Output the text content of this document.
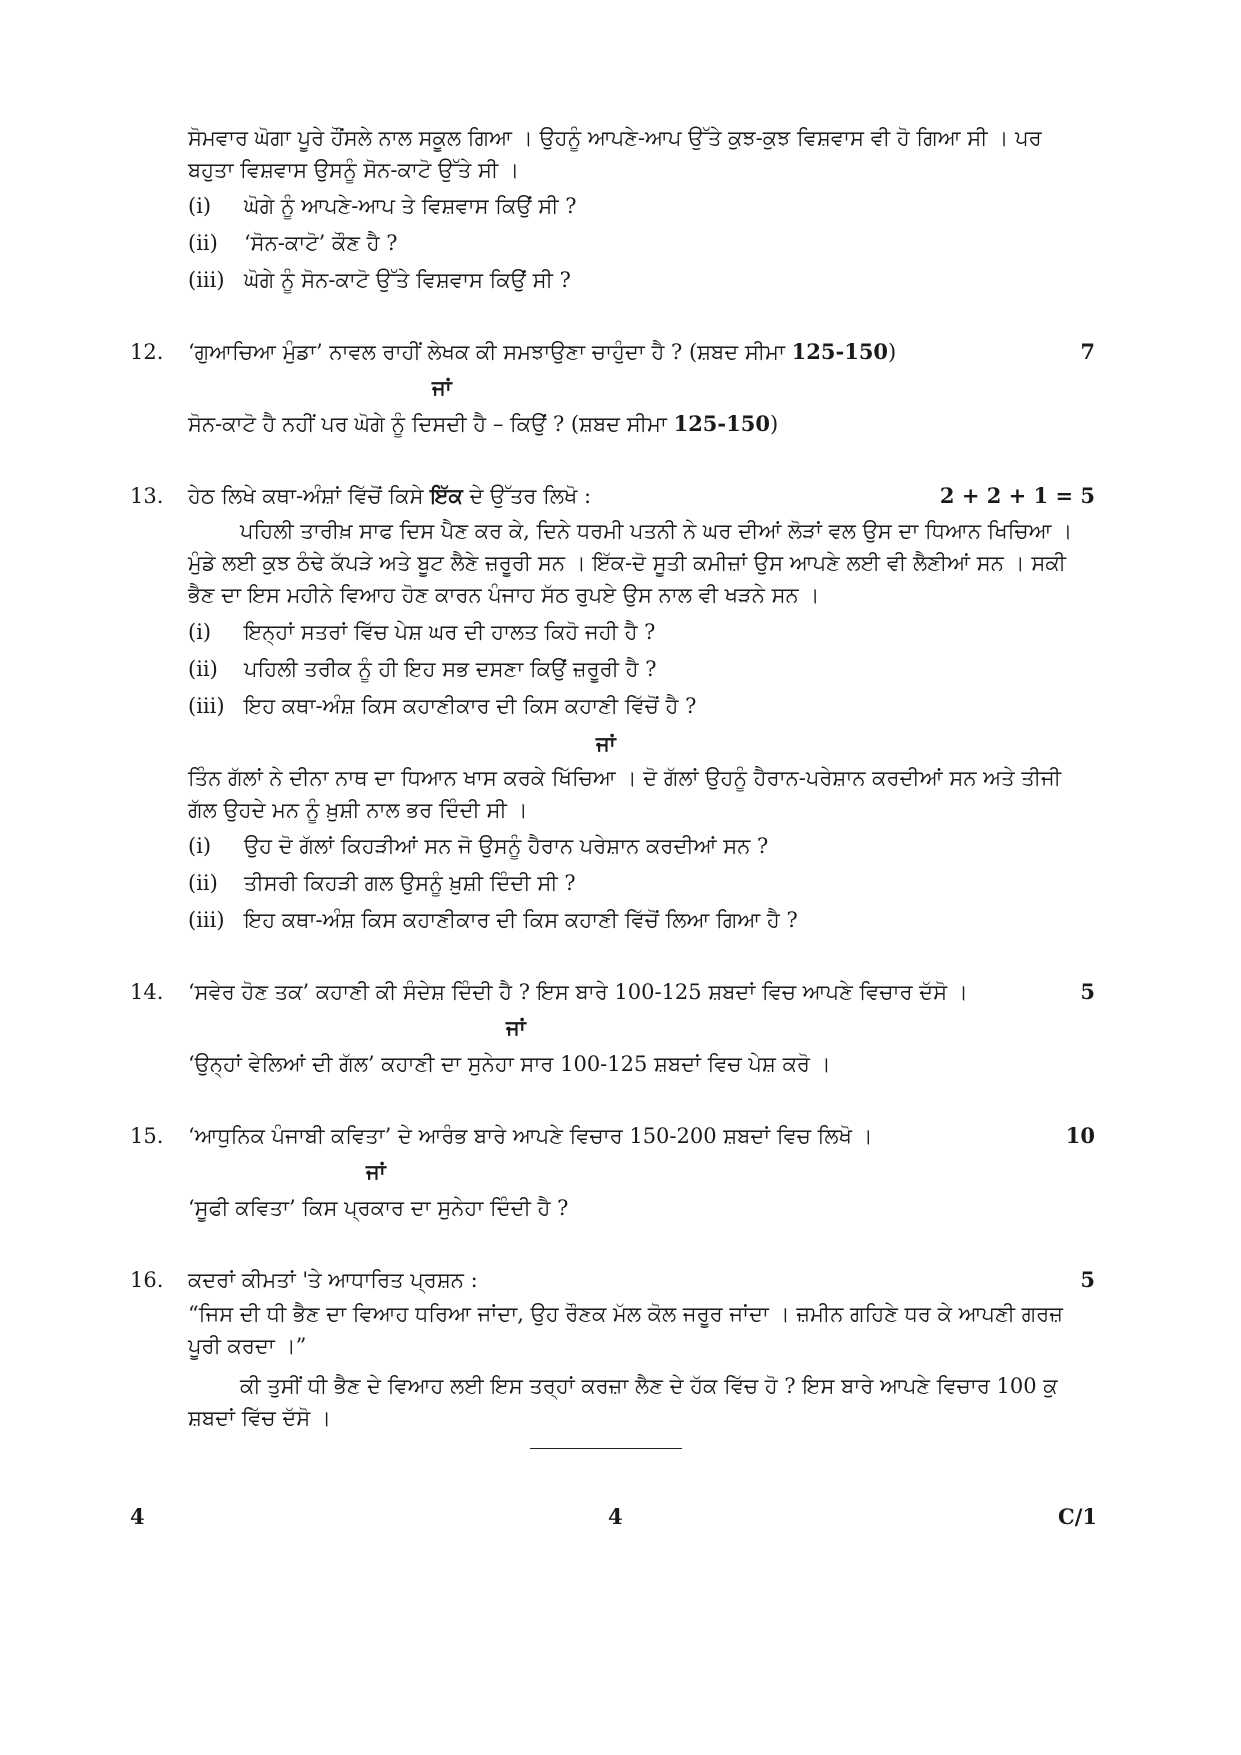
ਸੋਮਵਾਰ ਘੋਗਾ ਪੂਰੇ ਹੌਂਸਲੇ ਨਾਲ ਸਕੂਲ ਗਿਆ । ਉਹਨੂੰ ਆਪਣੇ-ਆਪ ਉੱਤੇ ਕੁਝ-ਕੁਝ ਵਿਸ਼ਵਾਸ ਵੀ ਹੋ ਗਿਆ ਸੀ । ਪਰ ਬਹੁਤਾ ਵਿਸ਼ਵਾਸ ਉਸਨੂੰ ਸੋਨ-ਕਾਟੋ ਉੱਤੇ ਸੀ ।

(i)	ਘੋਗੇ ਨੂੰ ਆਪਣੇ-ਆਪ ਤੇ ਵਿਸ਼ਵਾਸ ਕਿਉਂ ਸੀ ?
(ii)	‘ਸੋਨ-ਕਾਟੋ’ ਕੌਣ ਹੈ ?
(iii) ਘੋਗੇ ਨੂੰ ਸੋਨ-ਕਾਟੋ ਉੱਤੇ ਵਿਸ਼ਵਾਸ ਕਿਉਂ ਸੀ ?
12. ‘ਗੁਆਚਿਆ ਮੁੰਡਾ’ ਨਾਵਲ ਰਾਹੀਂ ਲੇਖਕ ਕੀ ਸਮਝਾਉਣਾ ਚਾਹੁੰਦਾ ਹੈ ? (ਸ਼ਬਦ ਸੀਮਾ 125-150)	7
ਜਾਂ
ਸੋਨ-ਕਾਟੋ ਹੈ ਨਹੀਂ ਪਰ ਘੋਗੇ ਨੂੰ ਦਿਸਦੀ ਹੈ – ਕਿਉਂ ? (ਸ਼ਬਦ ਸੀਮਾ 125-150)
13. ਹੇਠ ਲਿਖੇ ਕਥਾ-ਅੰਸ਼ਾਂ ਵਿੱਚੋਂ ਕਿਸੇ ਇੱਕ ਦੇ ਉੱਤਰ ਲਿਖੋ :	2 + 2 + 1 = 5

ਪਹਿਲੀ ਤਾਰੀਖ਼ ਸਾਫ ਦਿਸ ਪੈਣ ਕਰ ਕੇ, ਦਿਨੇ ਧਰਮੀ ਪਤਨੀ ਨੇ ਘਰ ਦੀਆਂ ਲੋੜਾਂ ਵਲ ਉਸ ਦਾ ਧਿਆਨ ਖਿਚਿਆ । ਮੁੰਡੇ ਲਈ ਕੁਝ ਠੰਢੇ ਕੱਪੜੇ ਅਤੇ ਬੂਟ ਲੈਣੇ ਜ਼ਰੂਰੀ ਸਨ । ਇੱਕ-ਦੋ ਸੂਤੀ ਕਮੀਜ਼ਾਂ ਉਸ ਆਪਣੇ ਲਈ ਵੀ ਲੈਣੀਆਂ ਸਨ । ਸਕੀ ਭੈਣ ਦਾ ਇਸ ਮਹੀਨੇ ਵਿਆਹ ਹੋਣ ਕਾਰਨ ਪੰਜਾਹ ਸੱਠ ਰੁਪਏ ਉਸ ਨਾਲ ਵੀ ਖੜਨੇ ਸਨ ।

(i)	ਇਨ੍ਹਾਂ ਸਤਰਾਂ ਵਿੱਚ ਪੇਸ਼ ਘਰ ਦੀ ਹਾਲਤ ਕਿਹੋ ਜਹੀ ਹੈ ?
(ii)	ਪਹਿਲੀ ਤਰੀਕ ਨੂੰ ਹੀ ਇਹ ਸਭ ਦਸਣਾ ਕਿਉਂ ਜ਼ਰੂਰੀ ਹੈ ?
(iii) ਇਹ ਕਥਾ-ਅੰਸ਼ ਕਿਸ ਕਹਾਣੀਕਾਰ ਦੀ ਕਿਸ ਕਹਾਣੀ ਵਿੱਚੋਂ ਹੈ ?
ਜਾਂ

ਤਿੰਨ ਗੱਲਾਂ ਨੇ ਦੀਨਾ ਨਾਥ ਦਾ ਧਿਆਨ ਖਾਸ ਕਰਕੇ ਖਿੱਚਿਆ । ਦੋ ਗੱਲਾਂ ਉਹਨੂੰ ਹੈਰਾਨ-ਪਰੇਸ਼ਾਨ ਕਰਦੀਆਂ ਸਨ ਅਤੇ ਤੀਜੀ ਗੱਲ ਉਹਦੇ ਮਨ ਨੂੰ ਖ਼ੁਸ਼ੀ ਨਾਲ ਭਰ ਦਿੰਦੀ ਸੀ ।

(i)	ਉਹ ਦੋ ਗੱਲਾਂ ਕਿਹੜੀਆਂ ਸਨ ਜੋ ਉਸਨੂੰ ਹੈਰਾਨ ਪਰੇਸ਼ਾਨ ਕਰਦੀਆਂ ਸਨ ?
(ii)	ਤੀਸਰੀ ਕਿਹੜੀ ਗਲ ਉਸਨੂੰ ਖ਼ੁਸ਼ੀ ਦਿੰਦੀ ਸੀ ?
(iii) ਇਹ ਕਥਾ-ਅੰਸ਼ ਕਿਸ ਕਹਾਣੀਕਾਰ ਦੀ ਕਿਸ ਕਹਾਣੀ ਵਿੱਚੋਂ ਲਿਆ ਗਿਆ ਹੈ ?
14. ‘ਸਵੇਰ ਹੋਣ ਤਕ’ ਕਹਾਣੀ ਕੀ ਸੰਦੇਸ਼ ਦਿੰਦੀ ਹੈ ? ਇਸ ਬਾਰੇ 100-125 ਸ਼ਬਦਾਂ ਵਿਚ ਆਪਣੇ ਵਿਚਾਰ ਦੱਸੋ ।	5
ਜਾਂ
‘ਉਨ੍ਹਾਂ ਵੇਲਿਆਂ ਦੀ ਗੱਲ’ ਕਹਾਣੀ ਦਾ ਸੁਨੇਹਾ ਸਾਰ 100-125 ਸ਼ਬਦਾਂ ਵਿਚ ਪੇਸ਼ ਕਰੋ ।
15. ‘ਆਧੁਨਿਕ ਪੰਜਾਬੀ ਕਵਿਤਾ’ ਦੇ ਆਰੰਭ ਬਾਰੇ ਆਪਣੇ ਵਿਚਾਰ 150-200 ਸ਼ਬਦਾਂ ਵਿਚ ਲਿਖੋ ।	10
ਜਾਂ
‘ਸੂਫੀ ਕਵਿਤਾ’ ਕਿਸ ਪ੍ਰਕਾਰ ਦਾ ਸੁਨੇਹਾ ਦਿੰਦੀ ਹੈ ?
16. ਕਦਰਾਂ ਕੀਮਤਾਂ 'ਤੇ ਆਧਾਰਿਤ ਪ੍ਰਸ਼ਨ :	5

“ਜਿਸ ਦੀ ਧੀ ਭੈਣ ਦਾ ਵਿਆਹ ਧਰਿਆ ਜਾਂਦਾ, ਉਹ ਰੌਣਕ ਮੱਲ ਕੋਲ ਜਰੂਰ ਜਾਂਦਾ । ਜ਼ਮੀਨ ਗਹਿਣੇ ਧਰ ਕੇ ਆਪਣੀ ਗਰਜ਼ ਪੂਰੀ ਕਰਦਾ ।”

ਕੀ ਤੁਸੀਂ ਧੀ ਭੈਣ ਦੇ ਵਿਆਹ ਲਈ ਇਸ ਤਰ੍ਹਾਂ ਕਰਜ਼ਾ ਲੈਣ ਦੇ ਹੱਕ ਵਿੱਚ ਹੋ ? ਇਸ ਬਾਰੇ ਆਪਣੇ ਵਿਚਾਰ 100 ਕੁ ਸ਼ਬਦਾਂ ਵਿੱਚ ਦੱਸੋ ।

4	4	C/1
